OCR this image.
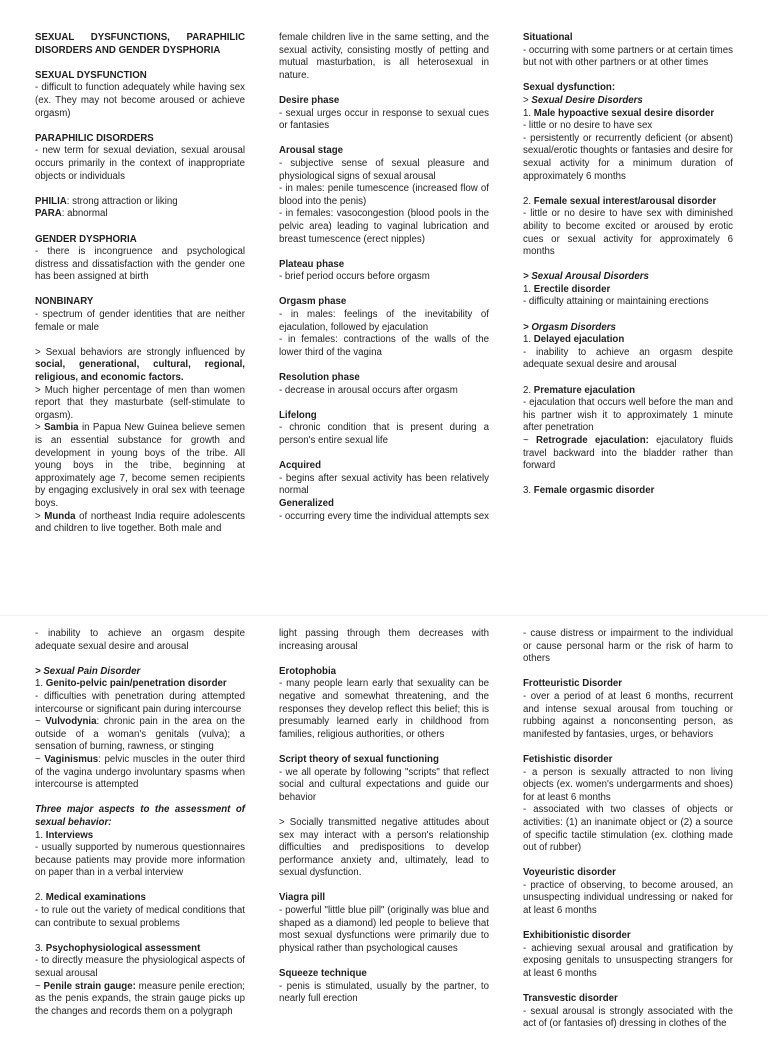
SEXUAL DYSFUNCTIONS, PARAPHILIC DISORDERS AND GENDER DYSPHORIA
SEXUAL DYSFUNCTION
- difficult to function adequately while having sex (ex. They may not become aroused or achieve orgasm)
PARAPHILIC DISORDERS
- new term for sexual deviation, sexual arousal occurs primarily in the context of inappropriate objects or individuals
PHILIA: strong attraction or liking
PARA: abnormal
GENDER DYSPHORIA
- there is incongruence and psychological distress and dissatisfaction with the gender one has been assigned at birth
NONBINARY
- spectrum of gender identities that are neither female or male
> Sexual behaviors are strongly influenced by social, generational, cultural, regional, religious, and economic factors.
> Much higher percentage of men than women report that they masturbate (self-stimulate to orgasm).
> Sambia in Papua New Guinea believe semen is an essential substance for growth and development in young boys of the tribe. All young boys in the tribe, beginning at approximately age 7, become semen recipients by engaging exclusively in oral sex with teenage boys.
> Munda of northeast India require adolescents and children to live together. Both male and
female children live in the same setting, and the sexual activity, consisting mostly of petting and mutual masturbation, is all heterosexual in nature.
Desire phase
- sexual urges occur in response to sexual cues or fantasies
Arousal stage
- subjective sense of sexual pleasure and physiological signs of sexual arousal
- in males: penile tumescence (increased flow of blood into the penis)
- in females: vasocongestion (blood pools in the pelvic area) leading to vaginal lubrication and breast tumescence (erect nipples)
Plateau phase
- brief period occurs before orgasm
Orgasm phase
- in males: feelings of the inevitability of ejaculation, followed by ejaculation
- in females: contractions of the walls of the lower third of the vagina
Resolution phase
- decrease in arousal occurs after orgasm
Lifelong
- chronic condition that is present during a person's entire sexual life
Acquired
- begins after sexual activity has been relatively normal
Generalized
- occurring every time the individual attempts sex
Situational
- occurring with some partners or at certain times but not with other partners or at other times
Sexual dysfunction:
> Sexual Desire Disorders
1. Male hypoactive sexual desire disorder
- little or no desire to have sex
- persistently or recurrently deficient (or absent) sexual/erotic thoughts or fantasies and desire for sexual activity for a minimum duration of approximately 6 months
2. Female sexual interest/arousal disorder
- little or no desire to have sex with diminished ability to become excited or aroused by erotic cues or sexual activity for approximately 6 months
> Sexual Arousal Disorders
1. Erectile disorder
- difficulty attaining or maintaining erections
> Orgasm Disorders
1. Delayed ejaculation
- inability to achieve an orgasm despite adequate sexual desire and arousal
2. Premature ejaculation
- ejaculation that occurs well before the man and his partner wish it to approximately 1 minute after penetration
~ Retrograde ejaculation: ejaculatory fluids travel backward into the bladder rather than forward
3. Female orgasmic disorder
- inability to achieve an orgasm despite adequate sexual desire and arousal
> Sexual Pain Disorder
1. Genito-pelvic pain/penetration disorder
- difficulties with penetration during attempted intercourse or significant pain during intercourse
~ Vulvodynia: chronic pain in the area on the outside of a woman's genitals (vulva); a sensation of burning, rawness, or stinging
~ Vaginismus: pelvic muscles in the outer third of the vagina undergo involuntary spasms when intercourse is attempted
Three major aspects to the assessment of sexual behavior:
1. Interviews
- usually supported by numerous questionnaires because patients may provide more information on paper than in a verbal interview
2. Medical examinations
- to rule out the variety of medical conditions that can contribute to sexual problems
3. Psychophysiological assessment
- to directly measure the physiological aspects of sexual arousal
~ Penile strain gauge: measure penile erection; as the penis expands, the strain gauge picks up the changes and records them on a polygraph
light passing through them decreases with increasing arousal
Erotophobia
- many people learn early that sexuality can be negative and somewhat threatening, and the responses they develop reflect this belief; this is presumably learned early in childhood from families, religious authorities, or others
Script theory of sexual functioning
- we all operate by following "scripts" that reflect social and cultural expectations and guide our behavior
> Socially transmitted negative attitudes about sex may interact with a person's relationship difficulties and predispositions to develop performance anxiety and, ultimately, lead to sexual dysfunction.
Viagra pill
- powerful "little blue pill" (originally was blue and shaped as a diamond) led people to believe that most sexual dysfunctions were primarily due to physical rather than psychological causes
Squeeze technique
- penis is stimulated, usually by the partner, to nearly full erection
- cause distress or impairment to the individual or cause personal harm or the risk of harm to others
Frotteuristic Disorder
- over a period of at least 6 months, recurrent and intense sexual arousal from touching or rubbing against a nonconsenting person, as manifested by fantasies, urges, or behaviors
Fetishistic disorder
- a person is sexually attracted to non living objects (ex. women's undergarments and shoes) for at least 6 months
- associated with two classes of objects or activities: (1) an inanimate object or (2) a source of specific tactile stimulation (ex. clothing made out of rubber)
Voyeuristic disorder
- practice of observing, to become aroused, an unsuspecting individual undressing or naked for at least 6 months
Exhibitionistic disorder
- achieving sexual arousal and gratification by exposing genitals to unsuspecting strangers for at least 6 months
Transvestic disorder
- sexual arousal is strongly associated with the act of (or fantasies of) dressing in clothes of the
